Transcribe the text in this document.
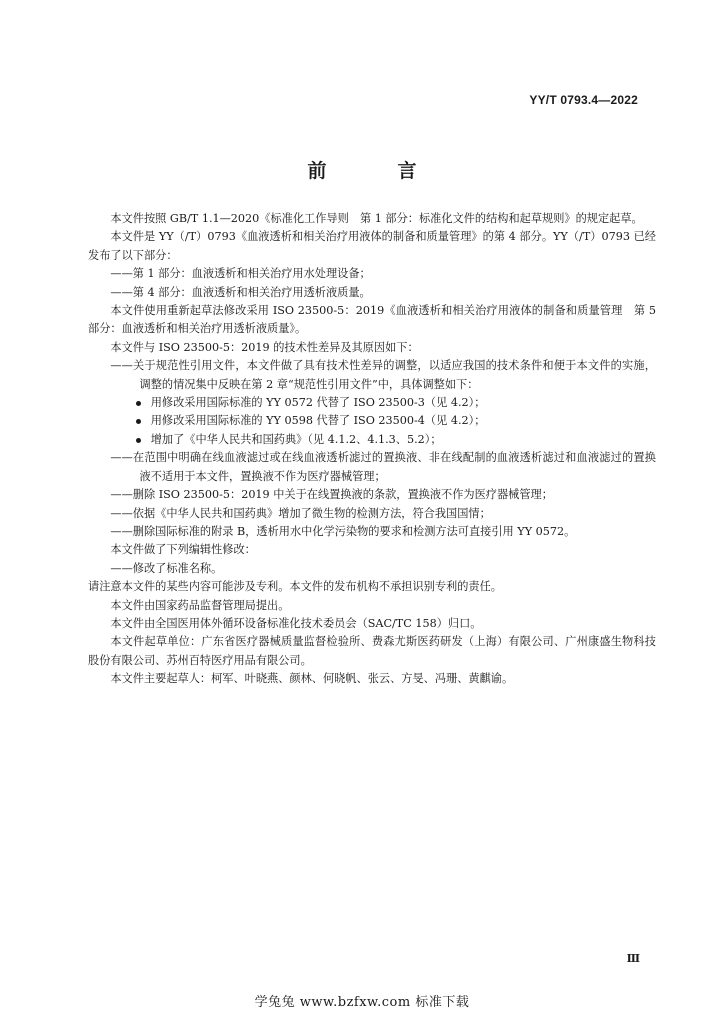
YY/T 0793.4—2022
前　言

本文件按照 GB/T 1.1—2020《标准化工作导则　第 1 部分：标准化文件的结构和起草规则》的规定起草。

本文件是 YY（/T）0793《血液透析和相关治疗用液体的制备和质量管理》的第 4 部分。YY（/T）0793 已经发布了以下部分：

——第 1 部分：血液透析和相关治疗用水处理设备；

——第 4 部分：血液透析和相关治疗用透析液质量。

本文件使用重新起草法修改采用 ISO 23500-5：2019《血液透析和相关治疗用液体的制备和质量管理　第 5 部分：血液透析和相关治疗用透析液质量》。

本文件与 ISO 23500-5：2019 的技术性差异及其原因如下：

——关于规范性引用文件，本文件做了具有技术性差异的调整，以适应我国的技术条件和便于本文件的实施，调整的情况集中反映在第 2 章“规范性引用文件”中，具体调整如下：

用修改采用国际标准的 YY 0572 代替了 ISO 23500-3（见 4.2）；

用修改采用国际标准的 YY 0598 代替了 ISO 23500-4（见 4.2）；

增加了《中华人民共和国药典》（见 4.1.2、4.1.3、5.2）；

——在范围中明确在线血液滤过或在线血液透析滤过的置换液、非在线配制的血液透析滤过和血液滤过的置换液不适用于本文件，置换液不作为医疗器械管理；

——删除 ISO 23500-5：2019 中关于在线置换液的条款，置换液不作为医疗器械管理；

——依据《中华人民共和国药典》增加了微生物的检测方法，符合我国国情；

——删除国际标准的附录 B，透析用水中化学污染物的要求和检测方法可直接引用 YY 0572。

本文件做了下列编辑性修改：

——修改了标准名称。

请注意本文件的某些内容可能涉及专利。本文件的发布机构不承担识别专利的责任。

本文件由国家药品监督管理局提出。

本文件由全国医用体外循环设备标准化技术委员会（SAC/TC 158）归口。

本文件起草单位：广东省医疗器械质量监督检验所、费森尤斯医药研发（上海）有限公司、广州康盛生物科技股份有限公司、苏州百特医疗用品有限公司。

本文件主要起草人：柯军、叶晓燕、颜林、何晓帆、张云、方旻、冯珊、黄麒谕。

Ⅲ
学兔兔 www.bzfxw.com 标准下载
